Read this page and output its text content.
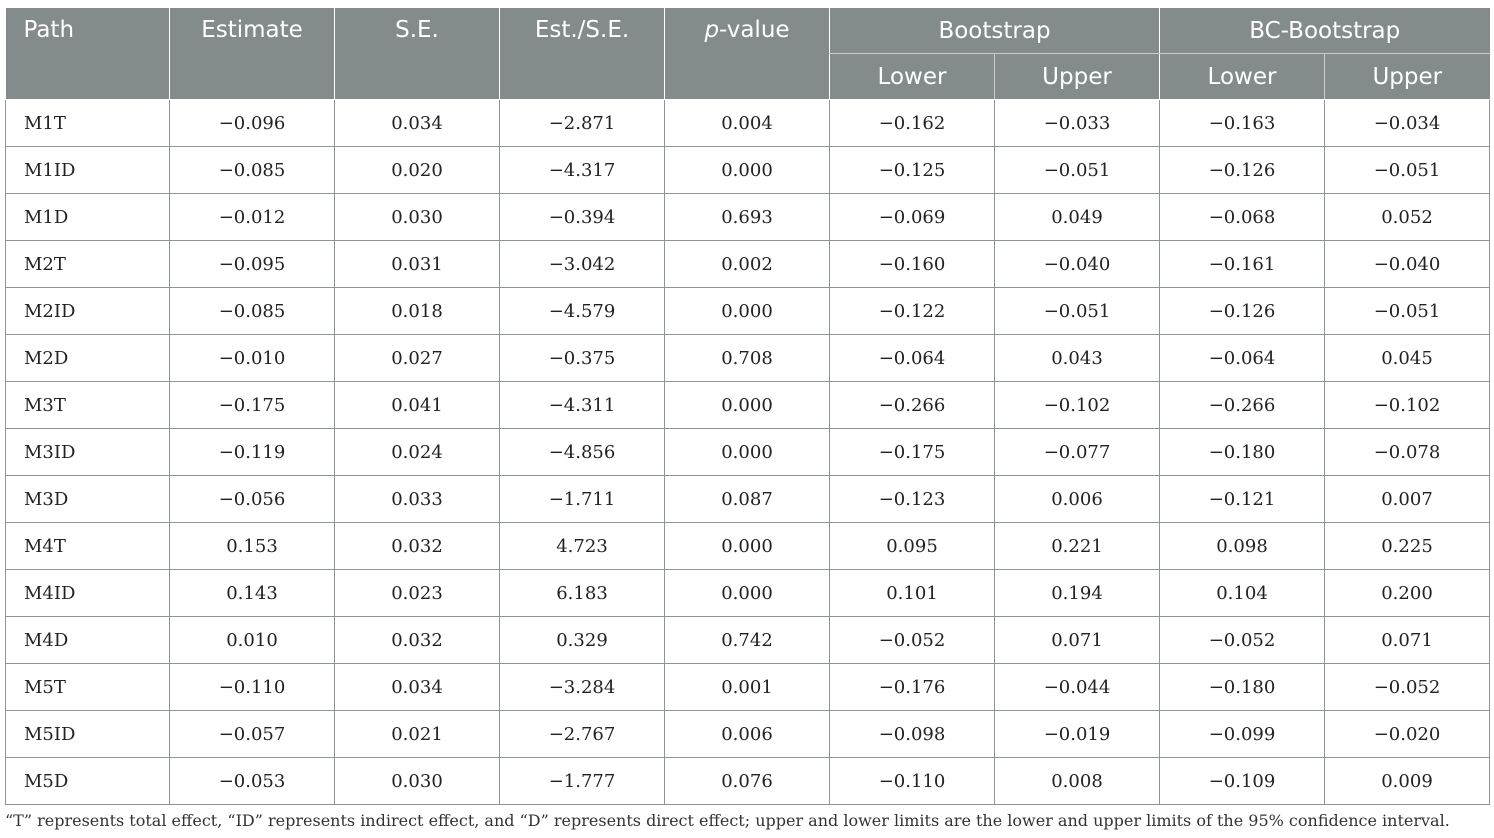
Path	Estimate	S.E.	Est./S.E.	p-value	Bootstrap		BC-Bootstrap	
					Lower	Upper	Lower	Upper
M1T	−0.096	0.034	−2.871	0.004	−0.162	−0.033	−0.163	−0.034
M1ID	−0.085	0.020	−4.317	0.000	−0.125	−0.051	−0.126	−0.051
M1D	−0.012	0.030	−0.394	0.693	−0.069	0.049	−0.068	0.052
M2T	−0.095	0.031	−3.042	0.002	−0.160	−0.040	−0.161	−0.040
M2ID	−0.085	0.018	−4.579	0.000	−0.122	−0.051	−0.126	−0.051
M2D	−0.010	0.027	−0.375	0.708	−0.064	0.043	−0.064	0.045
M3T	−0.175	0.041	−4.311	0.000	−0.266	−0.102	−0.266	−0.102
M3ID	−0.119	0.024	−4.856	0.000	−0.175	−0.077	−0.180	−0.078
M3D	−0.056	0.033	−1.711	0.087	−0.123	0.006	−0.121	0.007
M4T	0.153	0.032	4.723	0.000	0.095	0.221	0.098	0.225
M4ID	0.143	0.023	6.183	0.000	0.101	0.194	0.104	0.200
M4D	0.010	0.032	0.329	0.742	−0.052	0.071	−0.052	0.071
M5T	−0.110	0.034	−3.284	0.001	−0.176	−0.044	−0.180	−0.052
M5ID	−0.057	0.021	−2.767	0.006	−0.098	−0.019	−0.099	−0.020
M5D	−0.053	0.030	−1.777	0.076	−0.110	0.008	−0.109	0.009
“T” represents total effect, “ID” represents indirect effect, and “D” represents direct effect; upper and lower limits are the lower and upper limits of the 95% confidence interval.
